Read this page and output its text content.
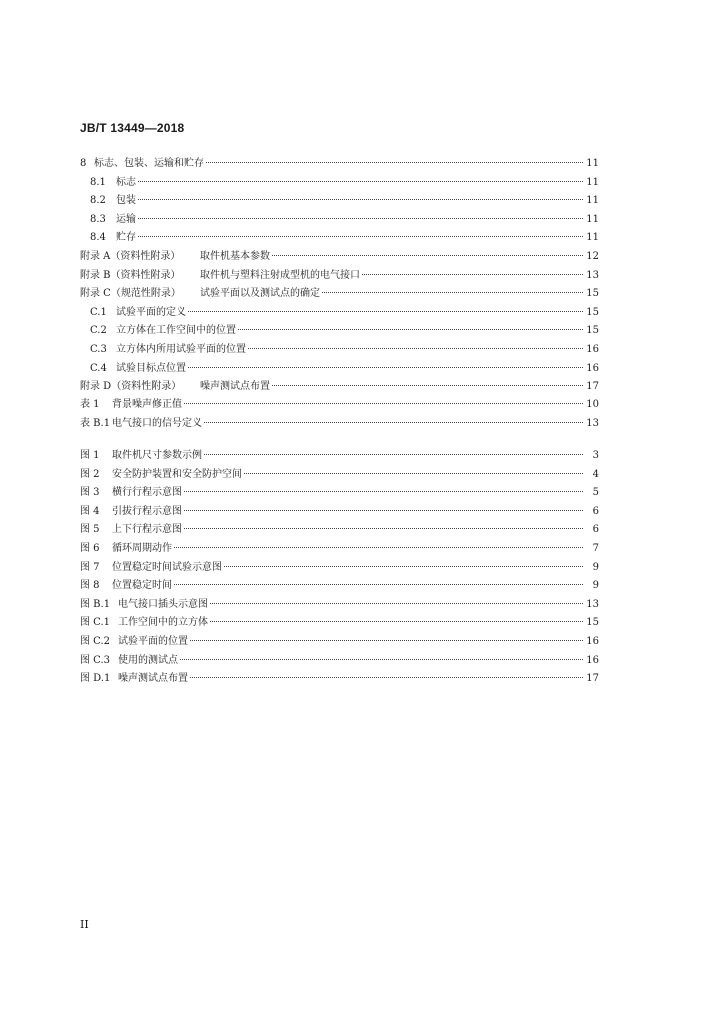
JB/T 13449—2018
8 标志、包装、运输和贮存	11
8.1	标志	11
8.2	包装	11
8.3	运输	11
8.4	贮存	11
附录 A（资料性附录）	取件机基本参数	12
附录 B（资料性附录）	取件机与塑料注射成型机的电气接口	13
附录 C（规范性附录）	试验平面以及测试点的确定	15
C.1 试验平面的定义	15
C.2 立方体在工作空间中的位置	15
C.3 立方体内所用试验平面的位置	16
C.4 试验目标点位置	16
附录 D（资料性附录）	噪声测试点布置	17
表 1	背景噪声修正值	10
表 B.1 电气接口的信号定义	13
图 1	取件机尺寸参数示例	3
图 2	安全防护装置和安全防护空间	4
图 3	横行行程示意图	5
图 4	引拔行程示意图	6
图 5	上下行程示意图	6
图 6	循环周期动作	7
图 7	位置稳定时间试验示意图	9
图 8	位置稳定时间	9
图 B.1 电气接口插头示意图	13
图 C.1 工作空间中的立方体	15
图 C.2 试验平面的位置	16
图 C.3 使用的测试点	16
图 D.1 噪声测试点布置	17
II
